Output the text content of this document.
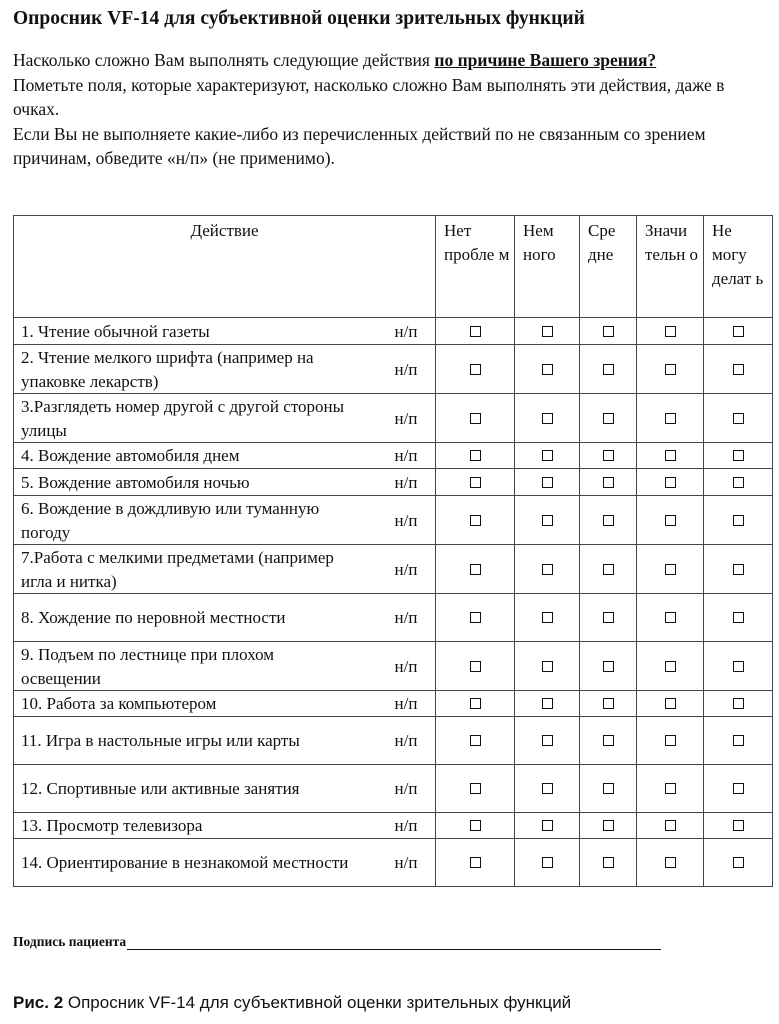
Опросник VF-14 для субъективной оценки зрительных функций

Насколько сложно Вам выполнять следующие действия по причине Вашего зрения?

Пометьте поля, которые характеризуют, насколько сложно Вам выполнять эти действия, даже в очках.

Если Вы не выполняете какие-либо из перечисленных действий по не связанным со зрением причинам, обведите «н/п» (не применимо).

Действие	Нет пробле м	Нем ного	Сре дне	Значи тельн о	Не могу делат ь

1. Чтение обычной газеты н/п					

2. Чтение мелкого шрифта (например на упаковке лекарств)
н/п					

3.Разглядеть номер другой с другой стороны улицы
н/п					

4. Вождение автомобиля днем н/п					

5. Вождение автомобиля ночью н/п					

6. Вождение в дождливую или туманную погоду
н/п					

7.Работа с мелкими предметами (например игла и нитка)
н/п					

8. Хождение по неровной местности н/п					

9. Подъем по лестнице при плохом освещении
н/п					

10. Работа за компьютером н/п					

11. Игра в настольные игры или карты н/п					

12. Спортивные или активные занятия н/п					

13. Просмотр телевизора н/п					

14. Ориентирование в незнакомой местности н/п					

Подпись пациента
Рис. 2 Опросник VF-14 для субъективной оценки зрительных функций
